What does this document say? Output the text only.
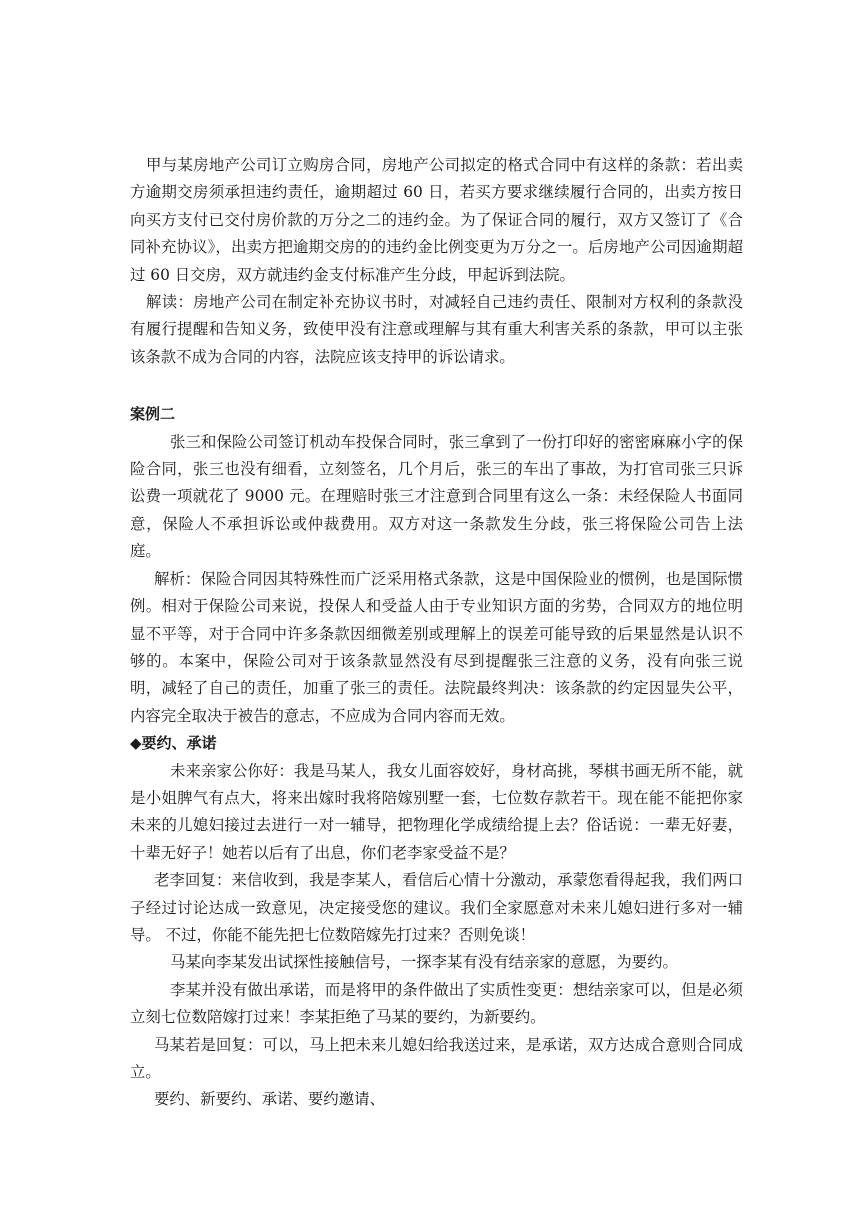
甲与某房地产公司订立购房合同，房地产公司拟定的格式合同中有这样的条款：若出卖方逾期交房须承担违约责任，逾期超过 60 日，若买方要求继续履行合同的，出卖方按日向买方支付已交付房价款的万分之二的违约金。为了保证合同的履行，双方又签订了《合同补充协议》，出卖方把逾期交房的的违约金比例变更为万分之一。后房地产公司因逾期超过 60 日交房，双方就违约金支付标准产生分歧，甲起诉到法院。

解读：房地产公司在制定补充协议书时，对减轻自己违约责任、限制对方权利的条款没有履行提醒和告知义务，致使甲没有注意或理解与其有重大利害关系的条款，甲可以主张该条款不成为合同的内容，法院应该支持甲的诉讼请求。

案例二

张三和保险公司签订机动车投保合同时，张三拿到了一份打印好的密密麻麻小字的保险合同，张三也没有细看，立刻签名，几个月后，张三的车出了事故，为打官司张三只诉讼费一项就花了 9000 元。在理赔时张三才注意到合同里有这么一条：未经保险人书面同意，保险人不承担诉讼或仲裁费用。双方对这一条款发生分歧，张三将保险公司告上法庭。

解析：保险合同因其特殊性而广泛采用格式条款，这是中国保险业的惯例，也是国际惯例。相对于保险公司来说，投保人和受益人由于专业知识方面的劣势，合同双方的地位明显不平等，对于合同中许多条款因细微差别或理解上的误差可能导致的后果显然是认识不够的。本案中，保险公司对于该条款显然没有尽到提醒张三注意的义务，没有向张三说明，减轻了自己的责任，加重了张三的责任。法院最终判决：该条款的约定因显失公平，内容完全取决于被告的意志，不应成为合同内容而无效。

◆要约、承诺

未来亲家公你好：我是马某人，我女儿面容姣好，身材高挑，琴棋书画无所不能，就是小姐脾气有点大，将来出嫁时我将陪嫁别墅一套，七位数存款若干。现在能不能把你家未来的儿媳妇接过去进行一对一辅导，把物理化学成绩给提上去？俗话说：一辈无好妻，十辈无好子！她若以后有了出息，你们老李家受益不是？

老李回复：来信收到，我是李某人，看信后心情十分激动，承蒙您看得起我，我们两口子经过讨论达成一致意见，决定接受您的建议。我们全家愿意对未来儿媳妇进行多对一辅导。 不过，你能不能先把七位数陪嫁先打过来？否则免谈！

马某向李某发出试探性接触信号，一探李某有没有结亲家的意愿，为要约。

李某并没有做出承诺，而是将甲的条件做出了实质性变更：想结亲家可以，但是必须立刻七位数陪嫁打过来！李某拒绝了马某的要约，为新要约。

马某若是回复：可以，马上把未来儿媳妇给我送过来，是承诺，双方达成合意则合同成立。

要约、新要约、承诺、要约邀请、
